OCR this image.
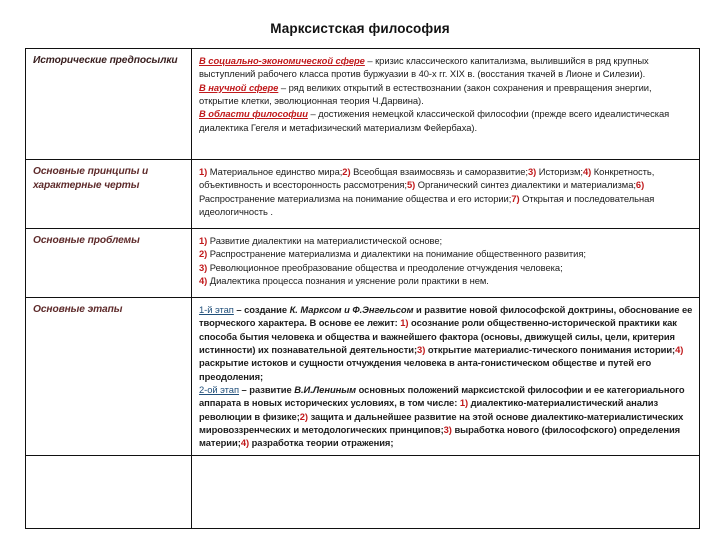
Марксистская философия
Исторические предпосылки	В социально-экономической сфере – кризис классического капитализма, вылившийся в ряд крупных выступлений рабочего класса против буржуазии в 40-х гг. XIX в. (восстания ткачей в Лионе и Силезии).

В научной сфере – ряд великих открытий в естествознании (закон сохранения и превращения энергии, открытие клетки, эволюционная теория Ч.Дарвина).

В области философии – достижения немецкой классической философии (прежде всего идеалистическая диалектика Гегеля и метафизический материализм Фейербаха).

Основные принципы и характерные черты	1) Материальное единство мира;2) Всеобщая взаимосвязь и саморазвитие;3) Историзм;4) Конкретность, объективность и всесторонность рассмотрения;5) Органический синтез диалектики и материализма;6) Распространение материализма на понимание общества и его истории;7) Открытая и последовательная идеологичность .

Основные проблемы	1) Развитие диалектики на материалистической основе;

2) Распространение материализма и диалектики на понимание общественного развития;

3) Революционное преобразование общества и преодоление отчуждения человека;

4) Диалектика процесса познания и уяснение роли практики в нем.

Основные этапы	1-й этап – создание К. Марксом и Ф.Энгельсом и развитие новой философской доктрины, обоснование ее творческого характера. В основе ее лежит: 1) осознание роли общественно-исторической практики как способа бытия человека и общества и важнейшего фактора (основы, движущей силы, цели, критерия истинности) их познавательной деятельности;3) открытие материалис-тического понимания истории;4) раскрытие истоков и сущности отчуждения человека в анта-гонистическом обществе и путей его преодоления;

2-ой этап – развитие В.И.Лениным основных положений марксистской философии и ее категориального аппарата в новых исторических условиях, в том числе: 1) диалектико-материалистический анализ революции в физике;2) защита и дальнейшее развитие на этой основе диалектико-материалистических мировоззренческих и методологических принципов;3) выработка нового (философского) определения материи;4) разработка теории отражения;
